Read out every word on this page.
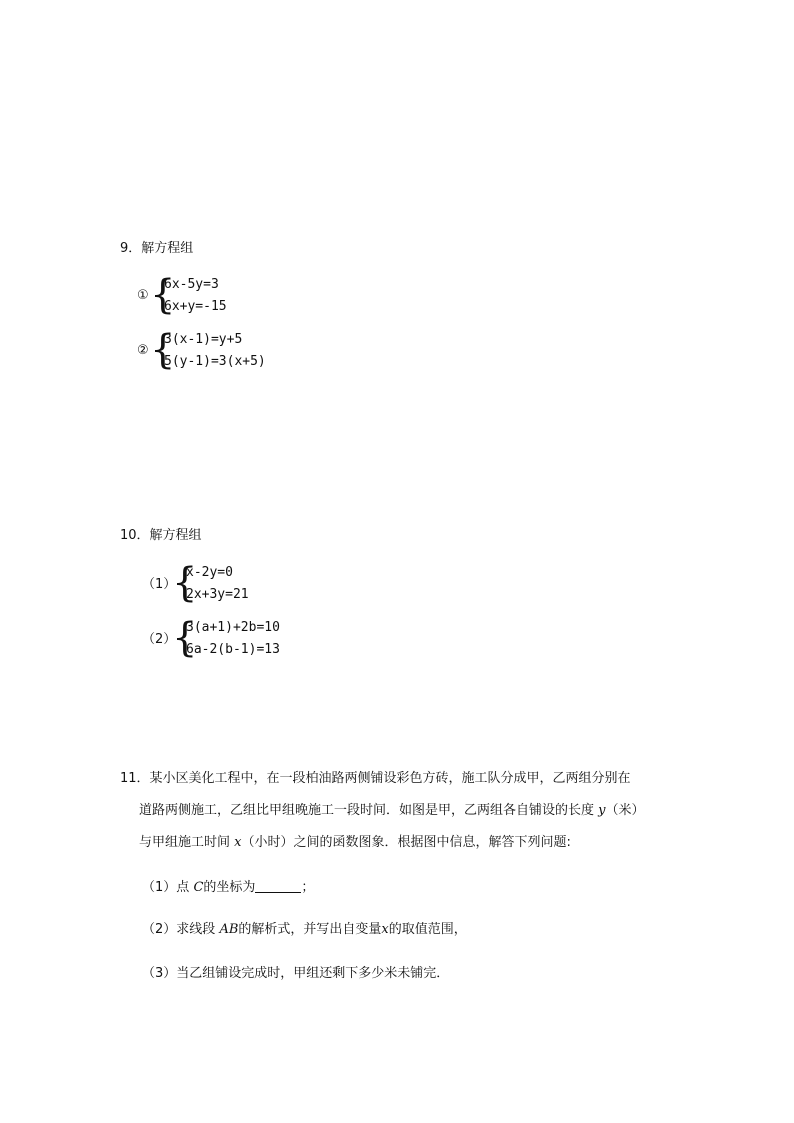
9．解方程组
① {
6x-5y=3
6x+y=-15
② {
3(x-1)=y+5
5(y-1)=3(x+5)
10．解方程组
（1）
{
x-2y=0
2x+3y=21
（2）
{
3(a+1)+2b=10
6a-2(b-1)=13
11．某小区美化工程中，在一段柏油路两侧铺设彩色方砖，施工队分成甲，乙两组分别在
道路两侧施工，乙组比甲组晚施工一段时间．如图是甲，乙两组各自铺设的长度 y（米）
与甲组施工时间 x（小时）之间的函数图象．根据图中信息，解答下列问题:
（1）点 C的坐标为	；
（2）求线段 AB的解析式，并写出自变量x的取值范围，
（3）当乙组铺设完成时，甲组还剩下多少米未铺完．
